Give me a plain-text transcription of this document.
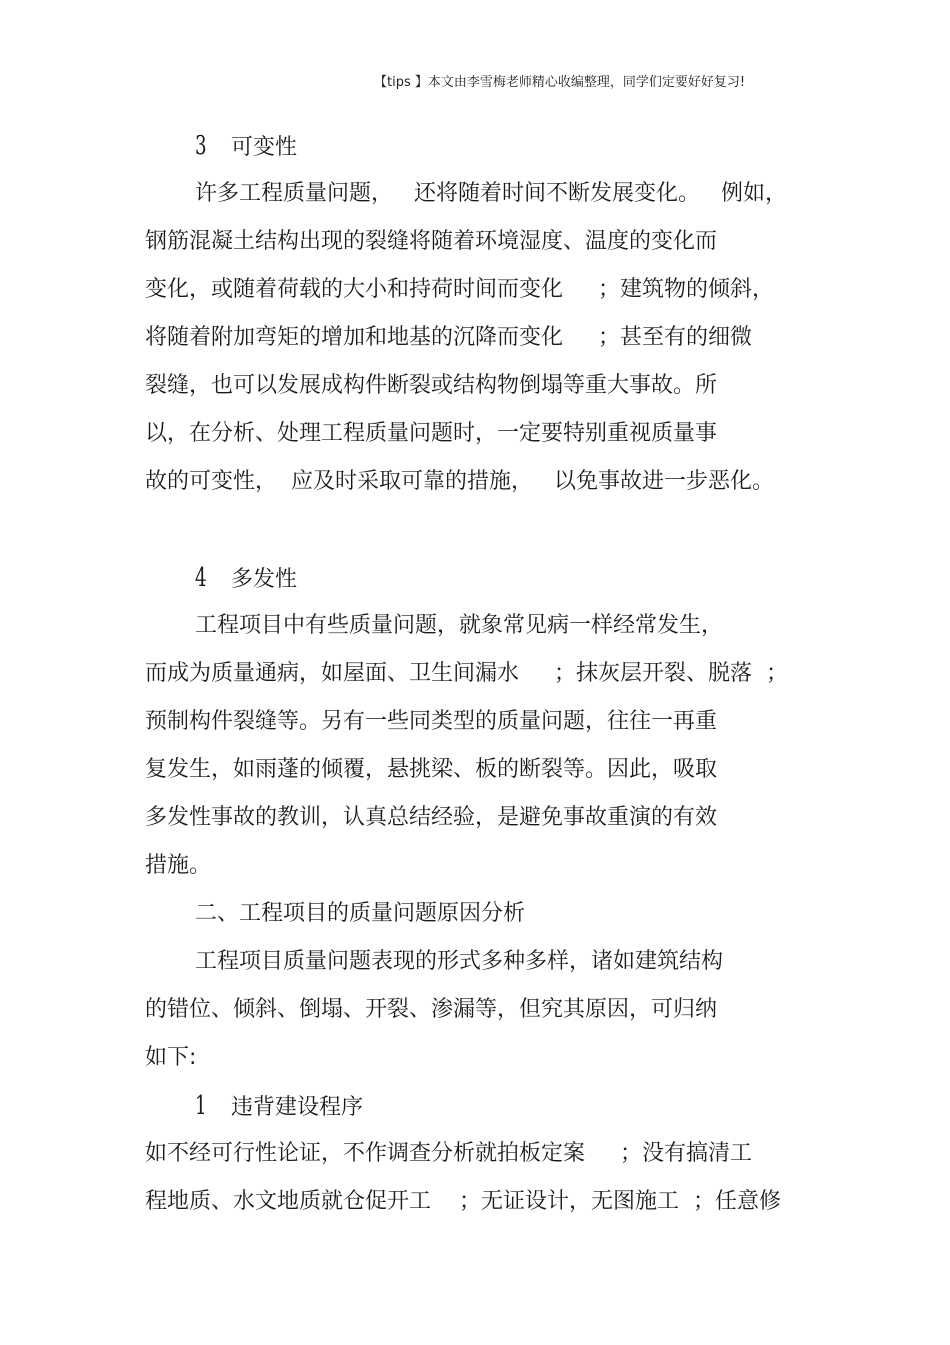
【tips 】本文由李雪梅老师精心收编整理，同学们定要好好复习!
3 可变性
许多工程质量问题，   还将随着时间不断发展变化。   例如，
钢筋混凝土结构出现的裂缝将随着环境湿度、温度的变化而
变化，或随着荷载的大小和持荷时间而变化     ；建筑物的倾斜，
将随着附加弯矩的增加和地基的沉降而变化     ；甚至有的细微
裂缝，也可以发展成构件断裂或结构物倒塌等重大事故。所
以，在分析、处理工程质量问题时，一定要特别重视质量事
故的可变性，  应及时采取可靠的措施，   以免事故进一步恶化。
4 多发性
工程项目中有些质量问题，就象常见病一样经常发生，
而成为质量通病，如屋面、卫生间漏水     ；抹灰层开裂、脱落  ；
预制构件裂缝等。另有一些同类型的质量问题，往往一再重
复发生，如雨蓬的倾覆，悬挑梁、板的断裂等。因此，吸取
多发性事故的教训，认真总结经验，是避免事故重演的有效
措施。
二、工程项目的质量问题原因分析
工程项目质量问题表现的形式多种多样，诸如建筑结构
的错位、倾斜、倒塌、开裂、渗漏等，但究其原因，可归纳
如下:
1 违背建设程序
如不经可行性论证，不作调查分析就拍板定案     ；没有搞清工
程地质、水文地质就仓促开工    ；无证设计，无图施工  ；任意修
